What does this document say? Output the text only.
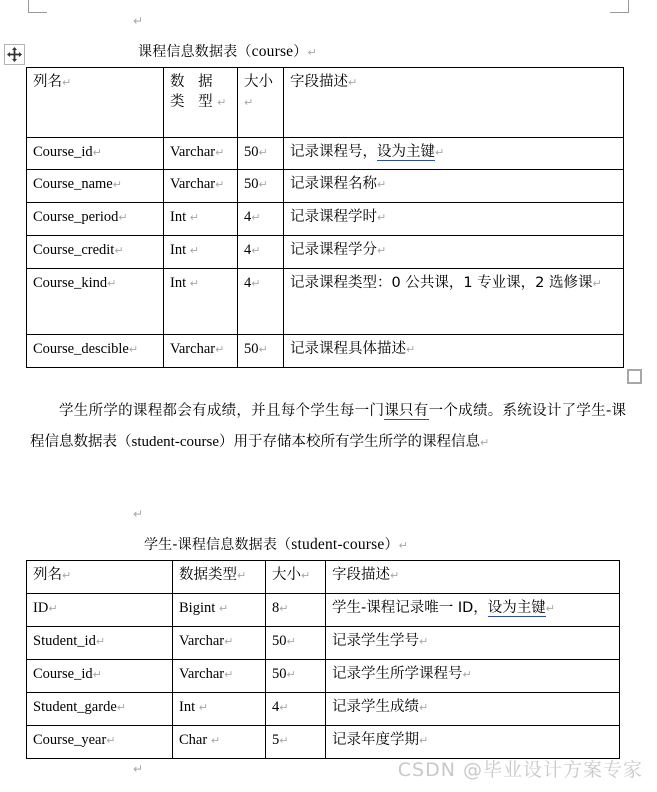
↵
课程信息数据表（course）↵
列名↵	数 据 类 型↵	大小↵	字段描述↵
Course_id↵	Varchar↵	50↵	记录课程号，设为主键↵
Course_name↵	Varchar↵	50↵	记录课程名称↵
Course_period↵	Int ↵	4↵	记录课程学时↵
Course_credit↵	Int ↵	4↵	记录课程学分↵
Course_kind↵	Int ↵	4↵	记录课程类型：0 公共课，1 专业课，2 选修课↵
Course_descible↵	Varchar↵	50↵	记录课程具体描述↵
学生所学的课程都会有成绩，并且每个学生每一门课只有一个成绩。系统设计了学生-课程信息数据表（student-course）用于存储本校所有学生所学的课程信息↵
↵
学生-课程信息数据表（student-course）↵
列名↵	数据类型↵	大小↵	字段描述↵
ID↵	Bigint ↵	8↵	学生-课程记录唯一 ID，设为主键↵
Student_id↵	Varchar↵	50↵	记录学生学号↵
Course_id↵	Varchar↵	50↵	记录学生所学课程号↵
Student_garde↵	Int ↵	4↵	记录学生成绩↵
Course_year↵	Char ↵	5↵	记录年度学期↵
↵	CSDN @毕业设计方案专家
